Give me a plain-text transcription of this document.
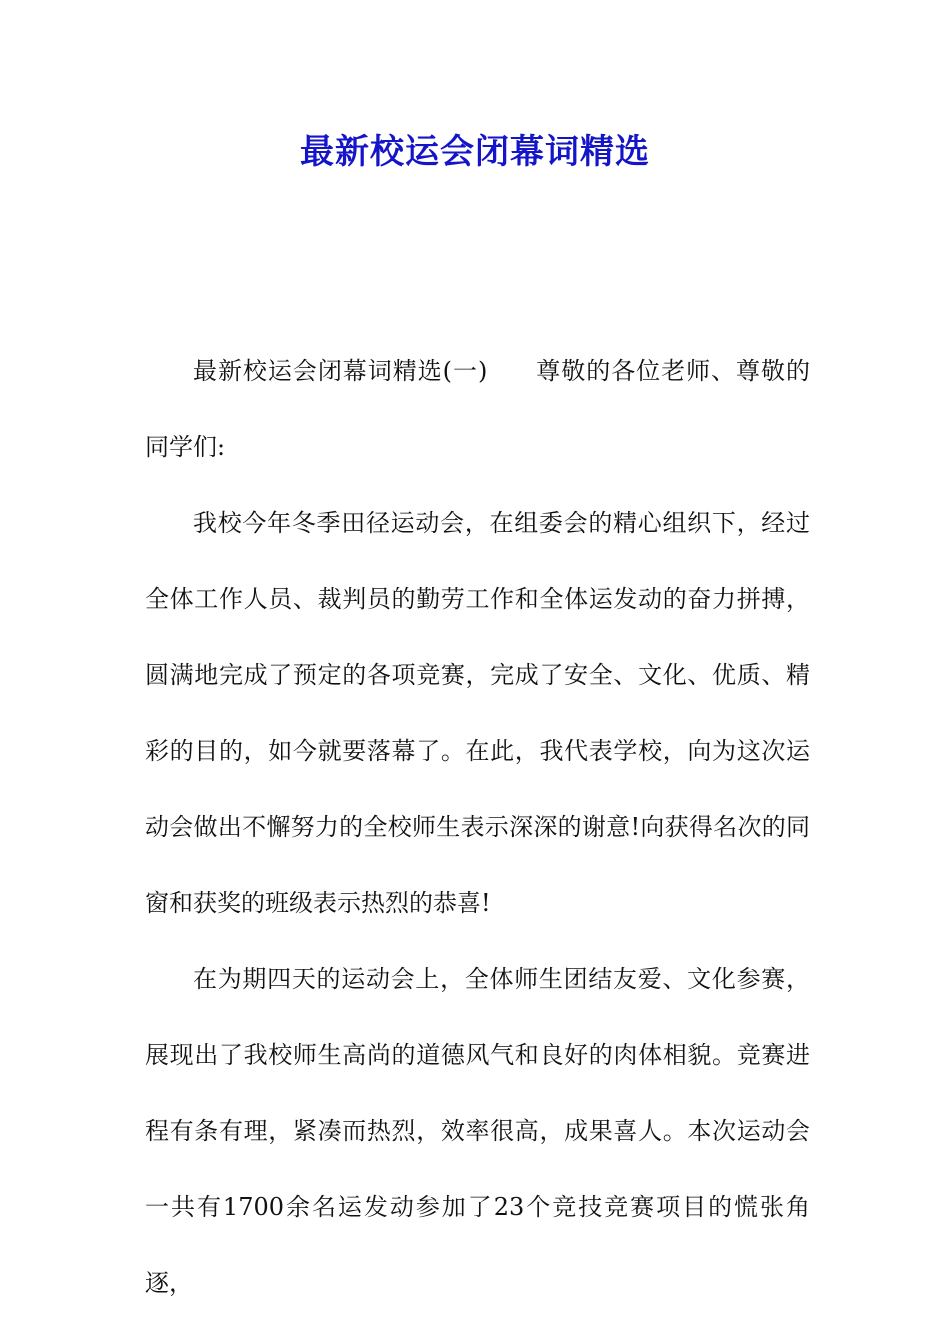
最新校运会闭幕词精选

最新校运会闭幕词精选(一) 尊敬的各位老师、尊敬的同学们:

我校今年冬季田径运动会，在组委会的精心组织下，经过全体工作人员、裁判员的勤劳工作和全体运发动的奋力拼搏，圆满地完成了预定的各项竞赛，完成了安全、文化、优质、精彩的目的，如今就要落幕了。在此，我代表学校，向为这次运动会做出不懈努力的全校师生表示深深的谢意!向获得名次的同窗和获奖的班级表示热烈的恭喜!

在为期四天的运动会上，全体师生团结友爱、文化参赛，展现出了我校师生高尚的道德风气和良好的肉体相貌。竞赛进程有条有理，紧凑而热烈，效率很高，成果喜人。本次运动会一共有1700余名运发动参加了23个竞技竞赛项目的慌张角逐，
